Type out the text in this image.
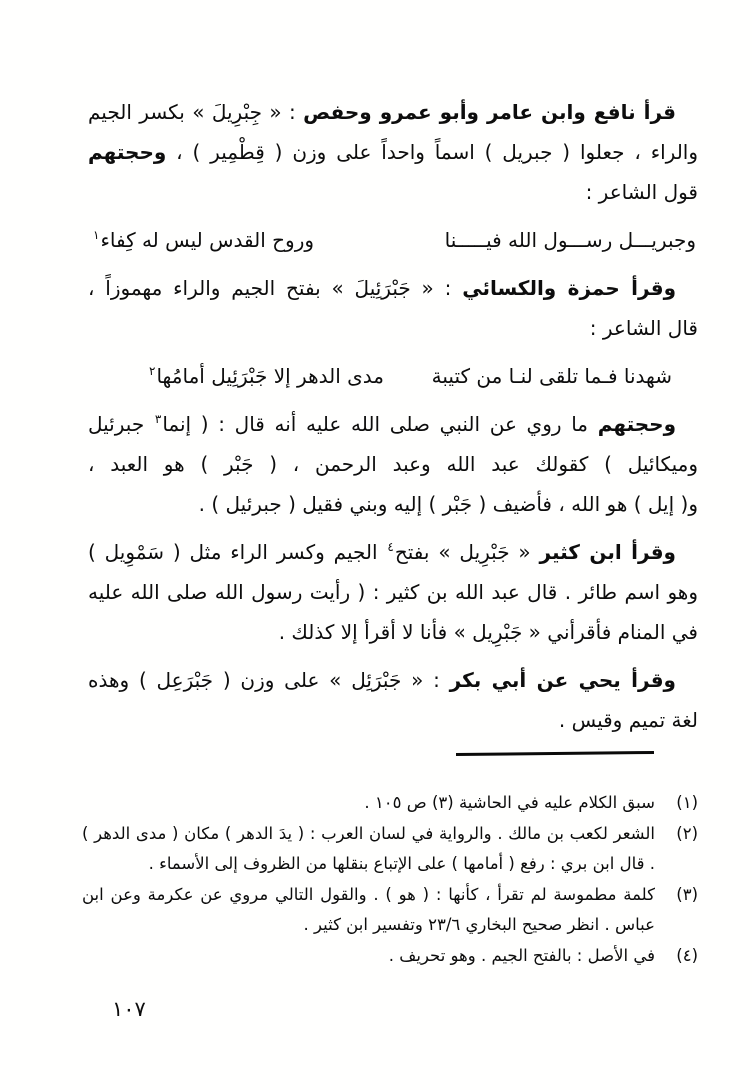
قرأ نافع وابن عامر وأبو عمرو وحفص : « جِبْرِيلَ » بكسر الجيم
والراء ، جعلوا ( جبريل ) اسماً واحداً على وزن ( قِطْمِير ) ، وحجتهم
قول الشاعر :
وجبريـــل رســـول الله فيـــــنا
وروح القدس ليس له كِفاء$^١$
وقرأ حمزة والكسائي : « جَبْرَئِيلَ » بفتح الجيم والراء مهموزاً ،
قال الشاعر :
شهدنا فـما تلقى لنـا من كتيبة
مدى الدهر إلا جَبْرَئِيل أمامُها$^٢$
وحجتهم ما روي عن النبي صلى الله عليه أنه قال : ( إنما$^٣$ جبرئيل
وميكائيل ) كقولك عبد الله وعبد الرحمن ، ( جَبْر ) هو العبد ،
و( إيل ) هو الله ، فأضيف ( جَبْر ) إليه وبني فقيل ( جبرئيل ) .
وقرأ ابن كثير « جَبْرِيل » بفتح$^٤$ الجيم وكسر الراء مثل ( سَمْوِيل )
وهو اسم طائر . قال عبد الله بن كثير : ( رأيت رسول الله صلى الله عليه
في المنام فأقرأني « جَبْرِيل » فأنا لا أقرأ إلا كذلك .
وقرأ يحي عن أبي بكر : « جَبْرَئِل » على وزن ( جَبْرَعِل ) وهذه
لغة تميم وقيس .
(١)
سبق الكلام عليه في الحاشية (٣) ص ١٠٥ .
(٢)
الشعر لكعب بن مالك . والرواية في لسان العرب : ( يدَ الدهر ) مكان ( مدى الدهر ) . قال ابن بري : رفع ( أمامها ) على الإتباع بنقلها من الظروف إلى الأسماء .
(٣)
كلمة مطموسة لم تقرأ ، كأنها : ( هو ) . والقول التالي مروي عن عكرمة وعن ابن عباس . انظر صحيح البخاري ٢٣/٦ وتفسير ابن كثير .
(٤)
في الأصل : بالفتح الجيم . وهو تحريف .
١٠٧
